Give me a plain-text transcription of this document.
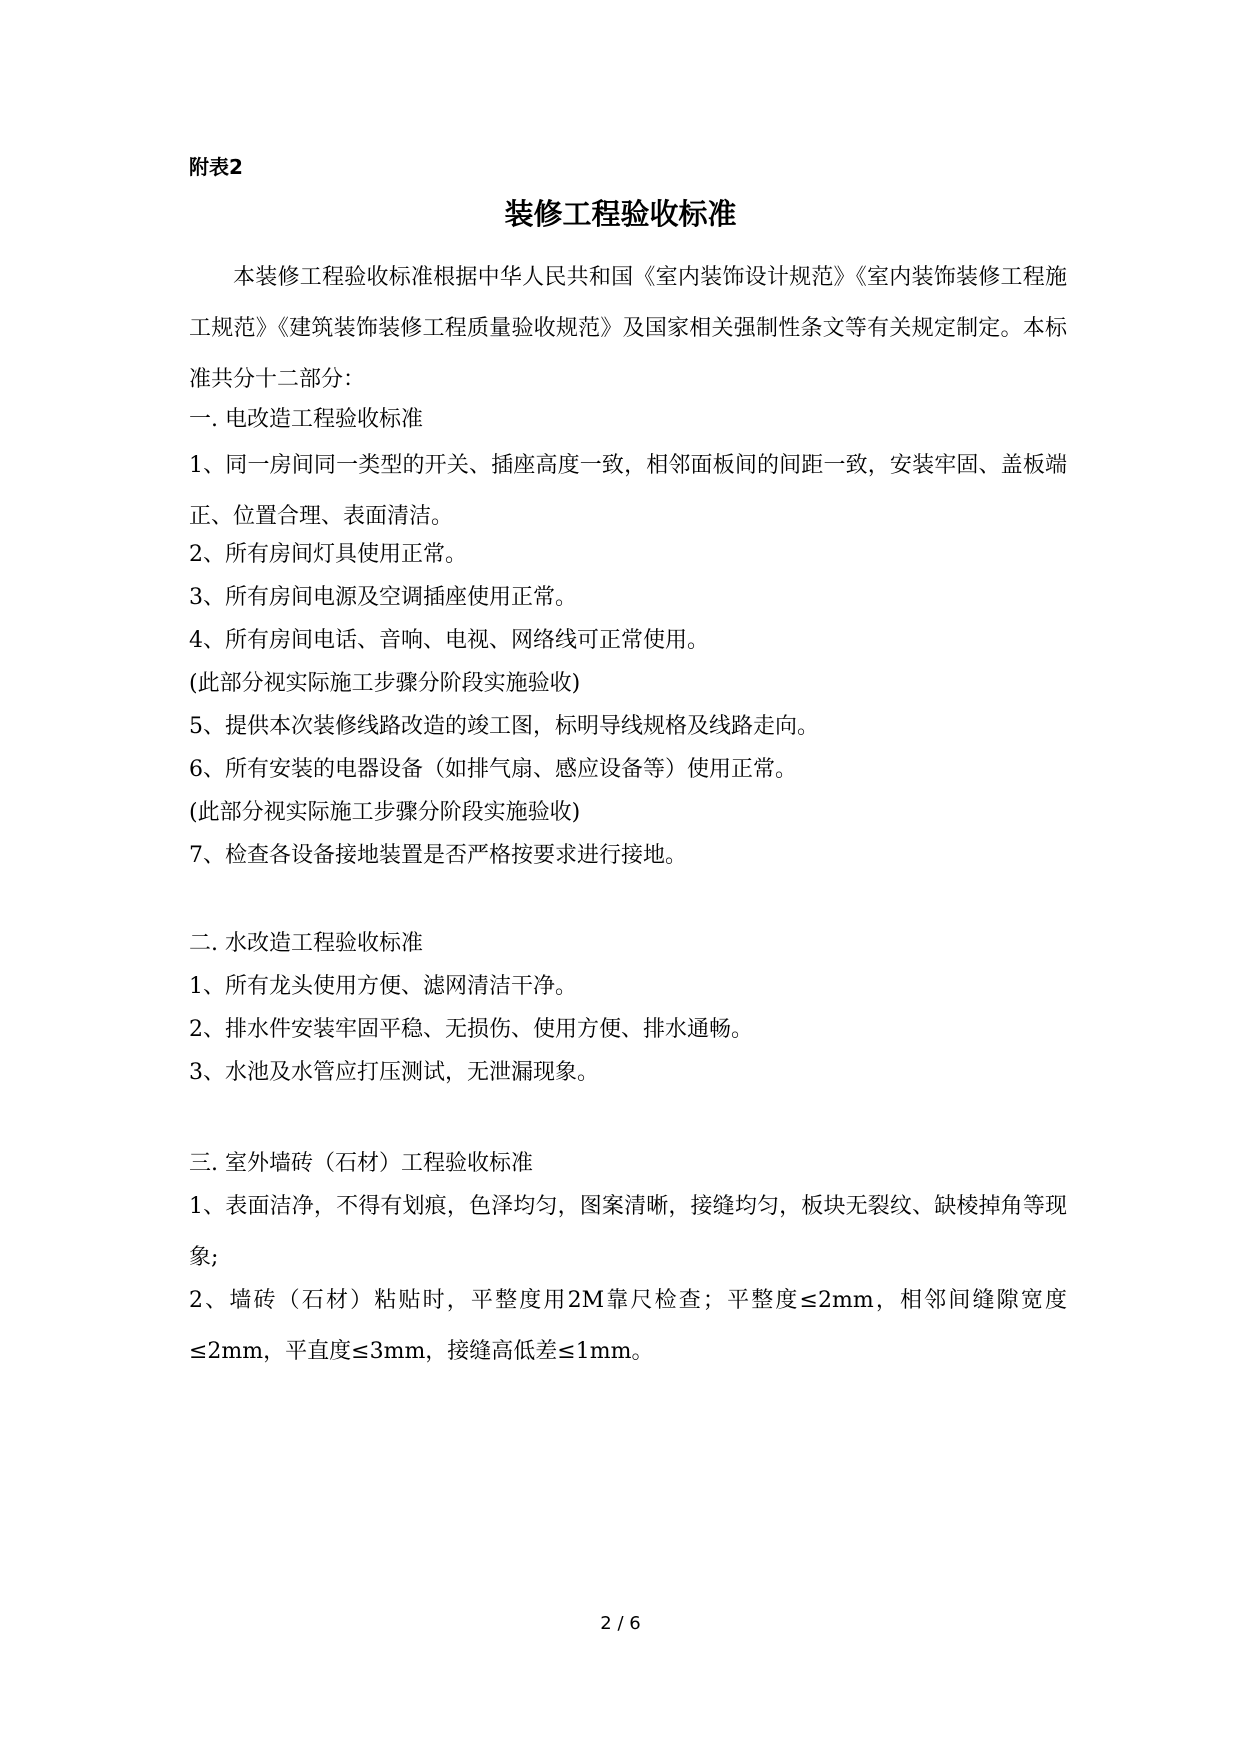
附表2
装修工程验收标准
本装修工程验收标准根据中华人民共和国《室内装饰设计规范》《室内装饰装修工程施工规范》《建筑装饰装修工程质量验收规范》及国家相关强制性条文等有关规定制定。本标准共分十二部分：

一. 电改造工程验收标准

1、同一房间同一类型的开关、插座高度一致，相邻面板间的间距一致，安装牢固、盖板端正、位置合理、表面清洁。

2、所有房间灯具使用正常。

3、所有房间电源及空调插座使用正常。

4、所有房间电话、音响、电视、网络线可正常使用。

(此部分视实际施工步骤分阶段实施验收)

5、提供本次装修线路改造的竣工图，标明导线规格及线路走向。

6、所有安装的电器设备（如排气扇、感应设备等）使用正常。

(此部分视实际施工步骤分阶段实施验收)

7、检查各设备接地装置是否严格按要求进行接地。

二. 水改造工程验收标准

1、所有龙头使用方便、滤网清洁干净。

2、排水件安装牢固平稳、无损伤、使用方便、排水通畅。

3、水池及水管应打压测试，无泄漏现象。

三. 室外墙砖（石材）工程验收标准

1、表面洁净，不得有划痕，色泽均匀，图案清晰，接缝均匀，板块无裂纹、缺棱掉角等现象;

2、墙砖（石材）粘贴时，平整度用2M靠尺检查；平整度≤2mm，相邻间缝隙宽度≤2mm，平直度≤3mm，接缝高低差≤1mm。

2 / 6
